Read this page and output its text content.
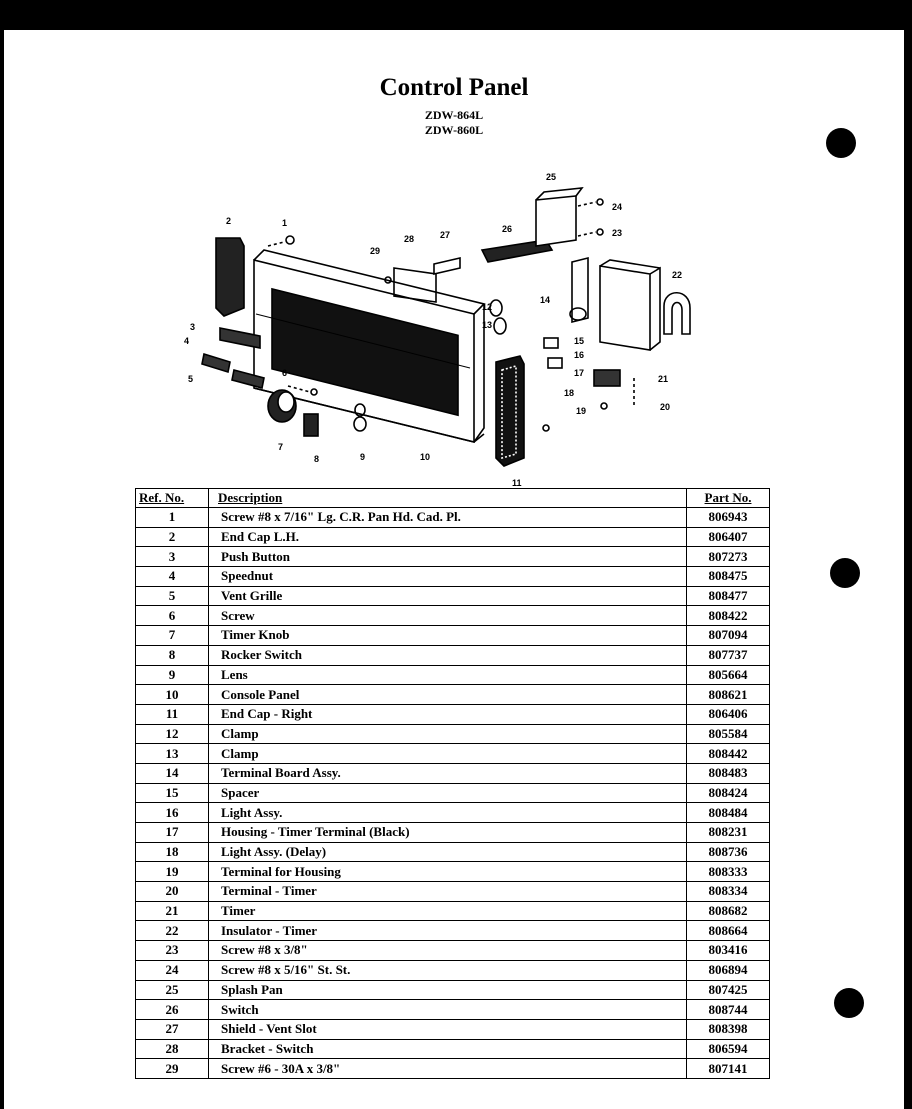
Control Panel
ZDW-864L
ZDW-860L
1
2
3
4
5
6
7
8	9	10
11
12
13
14
15
16
17
18
19	20
21
22
23
24
25
26
27
28
29
Ref. No.	Description	Part No.
1	Screw #8 x 7/16" Lg. C.R. Pan Hd. Cad. Pl.	806943
2	End Cap L.H.	806407
3	Push Button	807273
4	Speednut	808475
5	Vent Grille	808477
6	Screw	808422
7	Timer Knob	807094
8	Rocker Switch	807737
9	Lens	805664
10	Console Panel	808621
11	End Cap - Right	806406
12	Clamp	805584
13	Clamp	808442
14	Terminal Board Assy.	808483
15	Spacer	808424
16	Light Assy.	808484
17	Housing - Timer Terminal (Black)	808231
18	Light Assy. (Delay)	808736
19	Terminal for Housing	808333
20	Terminal - Timer	808334
21	Timer	808682
22	Insulator - Timer	808664
23	Screw #8 x 3/8"	803416
24	Screw #8 x 5/16" St. St.	806894
25	Splash Pan	807425
26	Switch	808744
27	Shield - Vent Slot	808398
28	Bracket - Switch	806594
29	Screw #6 - 30A x 3/8"	807141
